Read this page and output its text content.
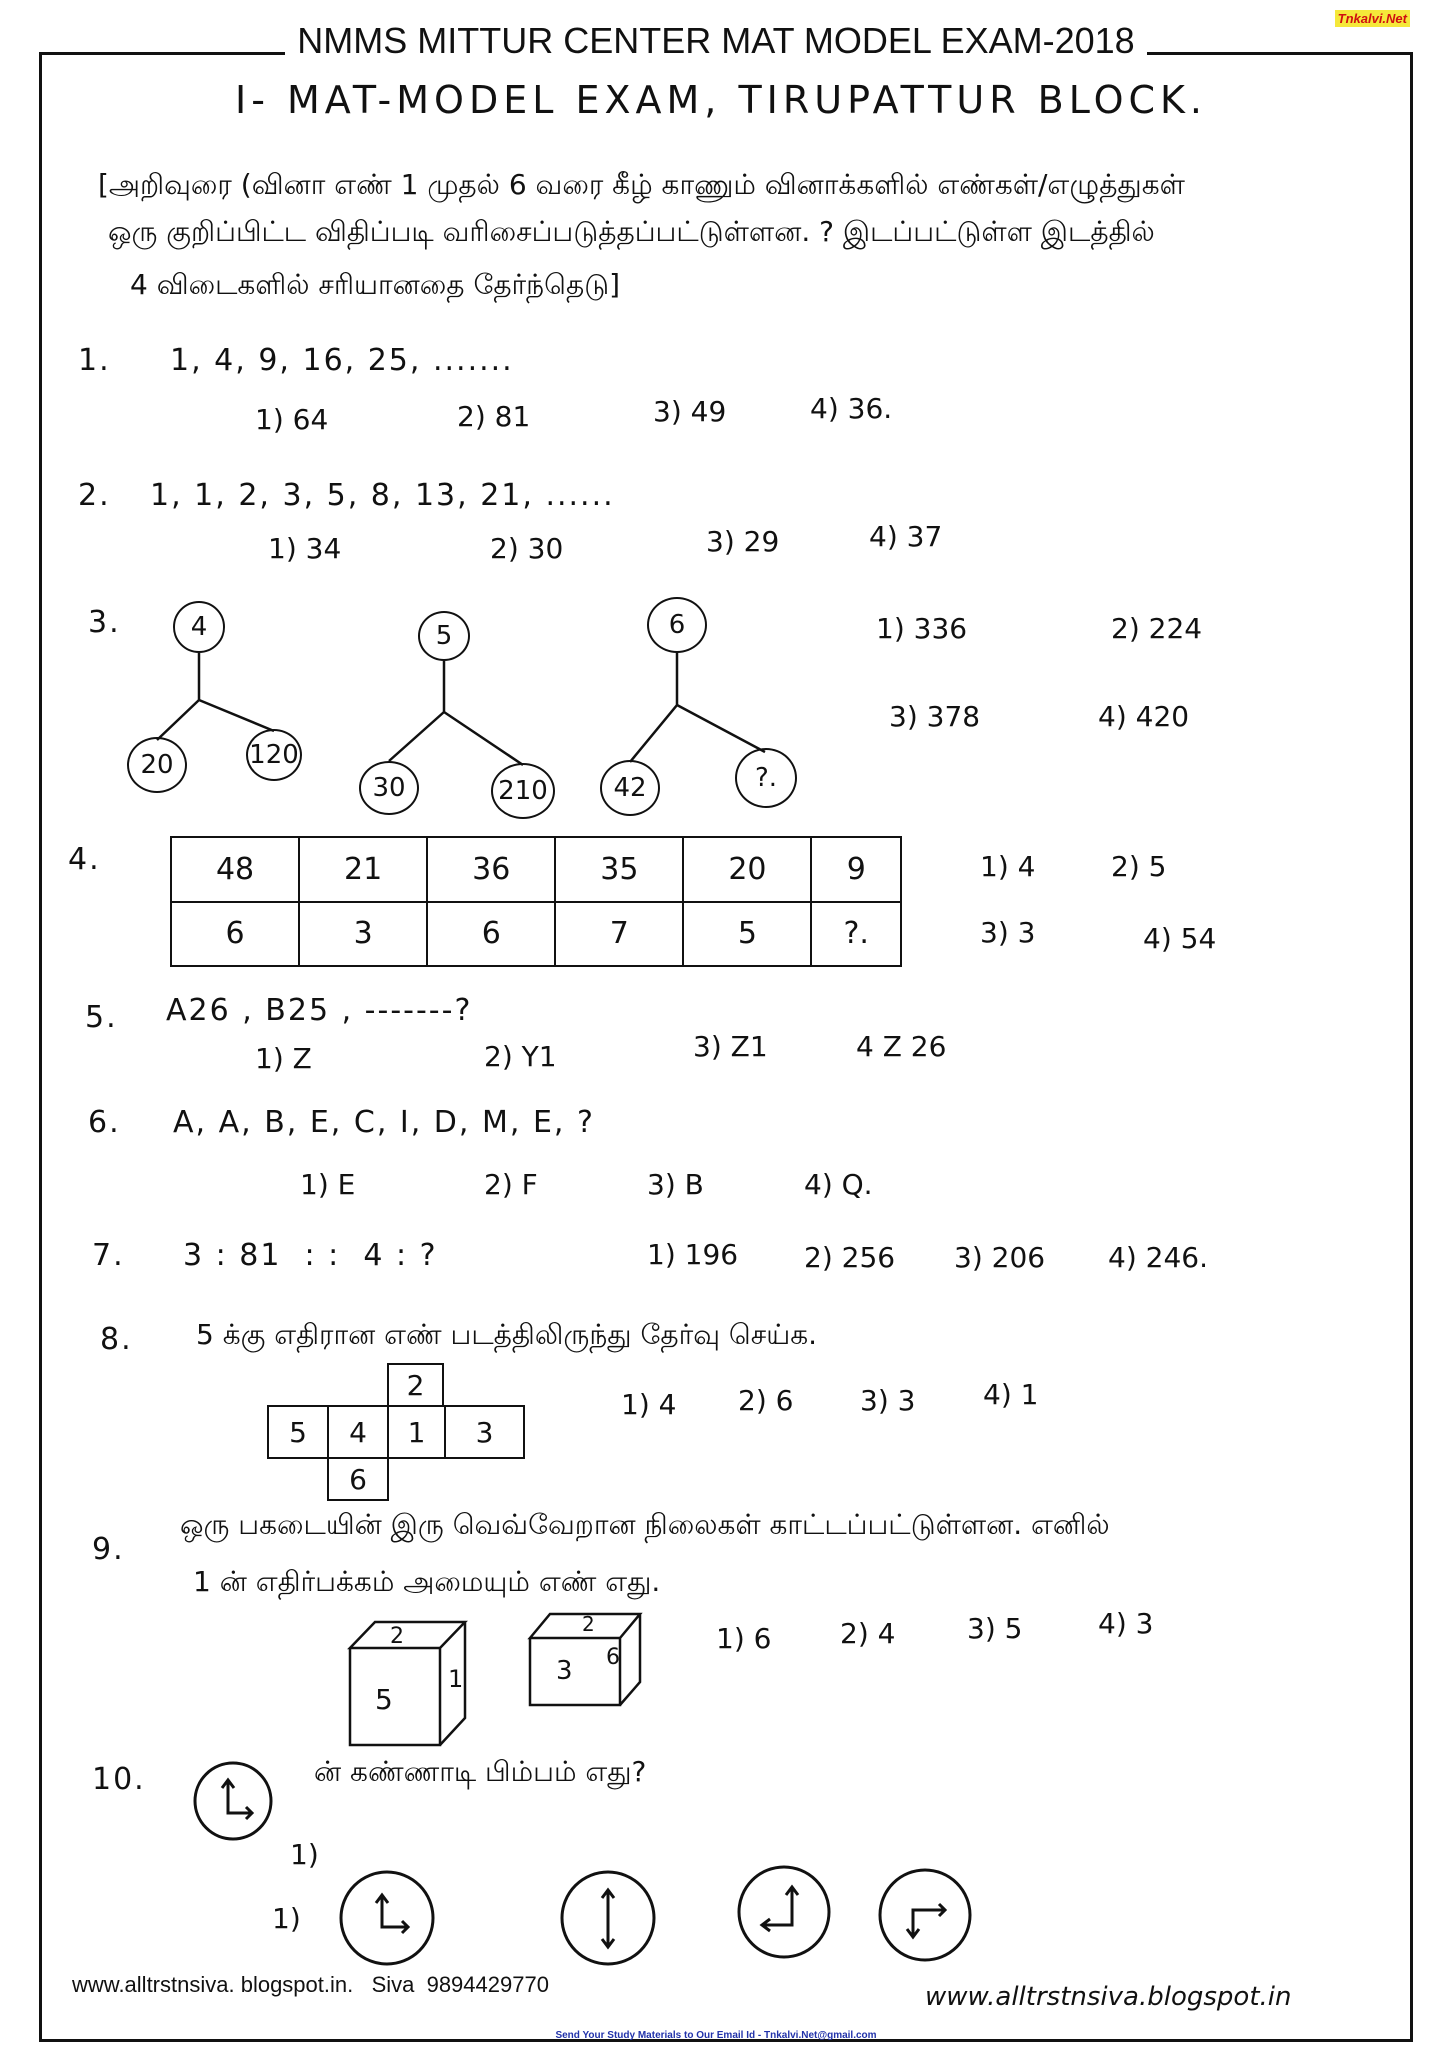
Tnkalvi.Net
NMMS MITTUR CENTER MAT MODEL EXAM-2018
I- MAT-MODEL EXAM, TIRUPATTUR BLOCK.
[அறிவுரை (வினா எண் 1 முதல் 6 வரை கீழ் காணும் வினாக்களில் எண்கள்/எழுத்துகள்
ஒரு குறிப்பிட்ட விதிப்படி வரிசைப்படுத்தப்பட்டுள்ளன. ? இடப்பட்டுள்ள இடத்தில்
4 விடைகளில் சரியானதை தேர்ந்தெடு]
1. 1, 4, 9, 16, 25, .......
1) 64	2) 81	3) 49	4) 36.
2. 1, 1, 2, 3, 5, 8, 13, 21, ......
1) 34	2) 30	3) 29	4) 37
3.	4
20	120
5
30	210
6
42	?.
1) 336	2) 224
3) 378	4) 420
4.	48	21	36	35	20	9
6	3	6	7	5	?.
1) 4	2) 5
3) 3	4) 54
5. A26 , B25 , -------?
1) Z	2) Y1	3) Z1	4 Z 26
6. A, A, B, E, C, I, D, M, E, ?
1) E	2) F	3) B	4) Q.
7. 3 : 81  : :  4 : ?	1) 196 2) 256 3) 206 4) 246.
8. 5 க்கு எதிரான எண் படத்திலிருந்து தேர்வு செய்க.
2
5	4	1	3
6
1) 4 2) 6 3) 3 4) 1
9.
ஒரு பகடையின் இரு வெவ்வேறான நிலைகள் காட்டப்பட்டுள்ளன. எனில்
1 ன் எதிர்பக்கம் அமையும் எண் எது.
2
5
1
2
3 6
1) 6 2) 4	3) 5	4) 3
10.	ன் கண்ணாடி பிம்பம் எது?
1)
1)
www.alltrstnsiva. blogspot.in.   Siva  9894429770	www.alltrstnsiva.blogspot.in
Send Your Study Materials to Our Email Id - Tnkalvi.Net@gmail.com
